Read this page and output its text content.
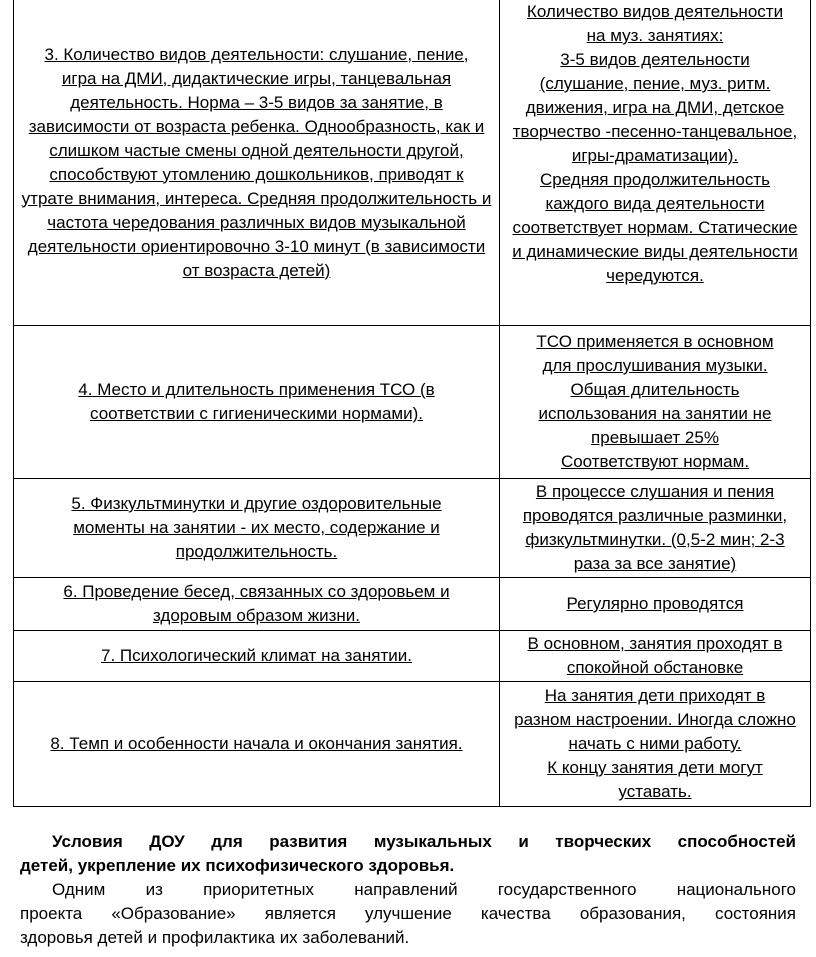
3. Количество видов деятельности: слушание, пение,
игра на ДМИ, дидактические игры, танцевальная
деятельность. Норма – 3-5 видов за занятие, в
зависимости от возраста ребенка. Однообразность, как и
слишком частые смены одной деятельности другой,
способствуют утомлению дошкольников, приводят к
утрате внимания, интереса. Средняя продолжительность и
частота чередования различных видов музыкальной
деятельности ориентировочно 3-10 минут (в зависимости
от возраста детей)
Количество видов деятельности
на муз. занятиях:
3-5 видов деятельности
(слушание, пение, муз. ритм.
движения, игра на ДМИ, детское
творчество -песенно-танцевальное,
игры-драматизации).
Средняя продолжительность
каждого вида деятельности
соответствует нормам. Статические
и динамические виды деятельности
чередуются.
4. Место и длительность применения ТСО (в
соответствии с гигиеническими нормами).
ТСО применяется в основном
для прослушивания музыки.
Общая длительность
использования на занятии не
превышает 25%
Соответствуют нормам.
5. Физкультминутки и другие оздоровительные
моменты на занятии - их место, содержание и
продолжительность.
В процессе слушания и пения
проводятся различные разминки,
физкультминутки. (0,5-2 мин; 2-3
раза за все занятие)
6. Проведение бесед, связанных со здоровьем и
здоровым образом жизни.
Регулярно проводятся
7. Психологический климат на занятии.
В основном, занятия проходят в
спокойной обстановке
8. Темп и особенности начала и окончания занятия.
На занятия дети приходят в
разном настроении. Иногда сложно
начать с ними работу.
К концу занятия дети могут
уставать.
Условия ДОУ для развития музыкальных и творческих способностей
детей, укрепление их психофизического здоровья.

Одним из приоритетных направлений государственного национального

проекта «Образование» является улучшение качества образования, состояния

здоровья детей и профилактика их заболеваний.
